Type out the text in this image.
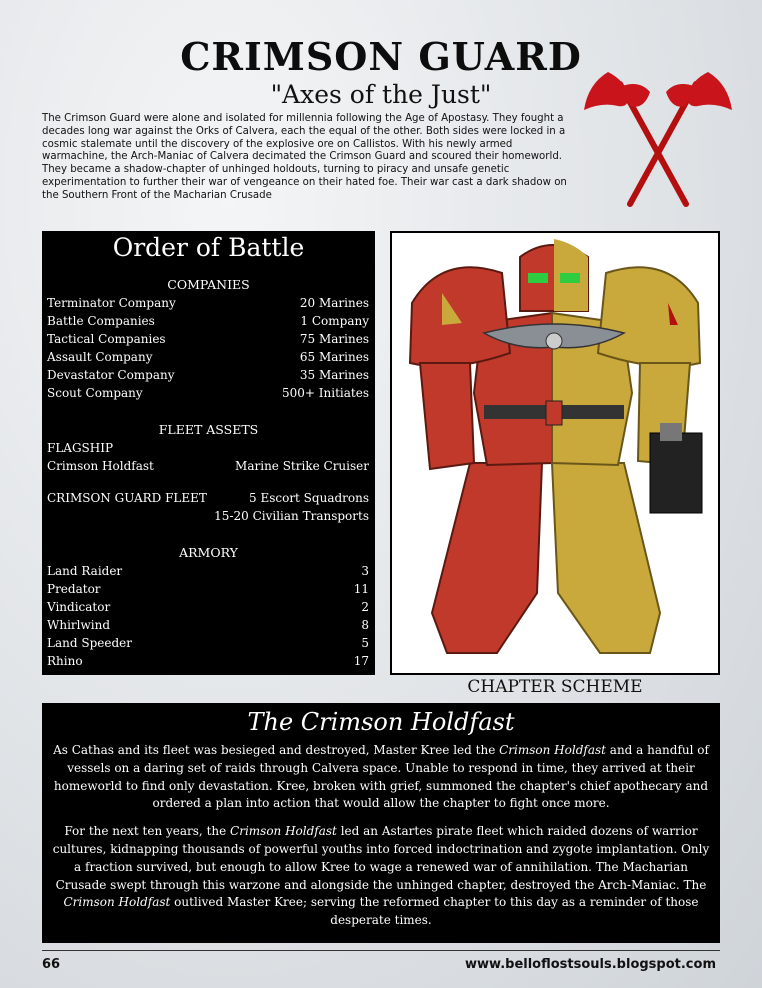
CRIMSON GUARD
"Axes of the Just"
The Crimson Guard were alone and isolated for millennia following the Age of Apostasy. They fought a decades long war against the Orks of Calvera, each the equal of the other. Both sides were locked in a cosmic stalemate until the discovery of the explosive ore on Callistos. With his newly armed warmachine, the Arch-Maniac of Calvera decimated the Crimson Guard and scoured their homeworld. They became a shadow-chapter of unhinged holdouts, turning to piracy and unsafe genetic experimentation to further their war of vengeance on their hated foe. Their war cast a dark shadow on the Southern Front of the Macharian Crusade
Order of Battle
COMPANIES
Terminator Company	20 Marines
Battle Companies	1 Company
Tactical Companies	75 Marines
Assault Company	65 Marines
Devastator Company	35 Marines
Scout Company	500+ Initiates
FLEET ASSETS
FLAGSHIP
Crimson Holdfast	Marine Strike Cruiser
CRIMSON GUARD FLEET	5 Escort Squadrons
15-20 Civilian Transports
ARMORY
Land Raider	3
Predator	11
Vindicator	2
Whirlwind	8
Land Speeder	5
Rhino	17
CHAPTER SCHEME
The Crimson Holdfast

As Cathas and its fleet was besieged and destroyed, Master Kree led the Crimson Holdfast and a handful of vessels on a daring set of raids through Calvera space. Unable to respond in time, they arrived at their homeworld to find only devastation. Kree, broken with grief, summoned the chapter's chief apothecary and ordered a plan into action that would allow the chapter to fight once more.

For the next ten years, the Crimson Holdfast led an Astartes pirate fleet which raided dozens of warrior cultures, kidnapping thousands of powerful youths into forced indoctrination and zygote implantation. Only a fraction survived, but enough to allow Kree to wage a renewed war of annihilation. The Macharian Crusade swept through this warzone and alongside the unhinged chapter, destroyed the Arch-Maniac. The Crimson Holdfast outlived Master Kree; serving the reformed chapter to this day as a reminder of those desperate times.

66	www.belloflostsouls.blogspot.com
